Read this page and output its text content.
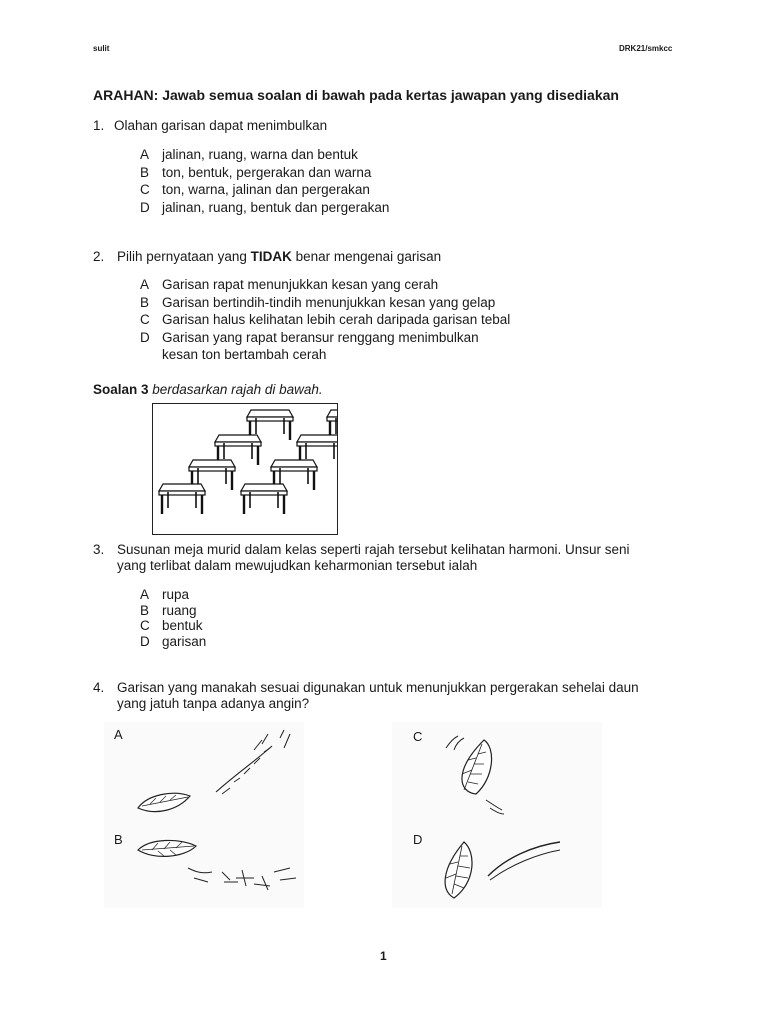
sulit	DRK21/smkcc
ARAHAN: Jawab semua soalan di bawah pada kertas jawapan yang disediakan
1. Olahan garisan dapat menimbulkan
A jalinan, ruang, warna dan bentuk
B ton, bentuk, pergerakan dan warna
C ton, warna, jalinan dan pergerakan
D jalinan, ruang, bentuk dan pergerakan
2. Pilih pernyataan yang TIDAK benar mengenai garisan
A Garisan rapat menunjukkan kesan yang cerah
B Garisan bertindih-tindih menunjukkan kesan yang gelap
C Garisan halus kelihatan lebih cerah daripada garisan tebal
D Garisan yang rapat beransur renggang menimbulkan
kesan ton bertambah cerah
Soalan 3 berdasarkan rajah di bawah.
3. Susunan meja murid dalam kelas seperti rajah tersebut kelihatan harmoni. Unsur seni
yang terlibat dalam mewujudkan keharmonian tersebut ialah
A rupa
B ruang
C bentuk
D garisan
4. Garisan yang manakah sesuai digunakan untuk menunjukkan pergerakan sehelai daun
yang jatuh tanpa adanya angin?
A
B
C
D
1
